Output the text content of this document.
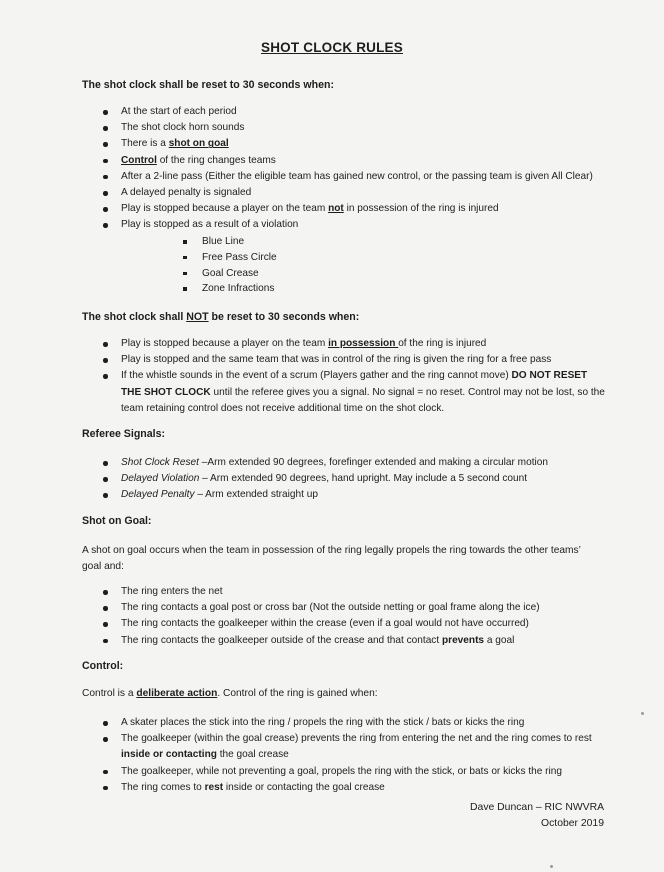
SHOT CLOCK RULES
The shot clock shall be reset to 30 seconds when:
At the start of each period
The shot clock horn sounds
There is a shot on goal
Control of the ring changes teams
After a 2-line pass (Either the eligible team has gained new control, or the passing team is given All Clear)
A delayed penalty is signaled
Play is stopped because a player on the team not in possession of the ring is injured
Play is stopped as a result of a violation
Blue Line
Free Pass Circle
Goal Crease
Zone Infractions
The shot clock shall NOT be reset to 30 seconds when:
Play is stopped because a player on the team in possession of the ring is injured
Play is stopped and the same team that was in control of the ring is given the ring for a free pass
If the whistle sounds in the event of a scrum (Players gather and the ring cannot move) DO NOT RESET THE SHOT CLOCK until the referee gives you a signal. No signal = no reset. Control may not be lost, so the team retaining control does not receive additional time on the shot clock.
Referee Signals:
Shot Clock Reset –Arm extended 90 degrees, forefinger extended and making a circular motion
Delayed Violation – Arm extended 90 degrees, hand upright. May include a 5 second count
Delayed Penalty – Arm extended straight up
Shot on Goal:
A shot on goal occurs when the team in possession of the ring legally propels the ring towards the other teams’ goal and:
The ring enters the net
The ring contacts a goal post or cross bar (Not the outside netting or goal frame along the ice)
The ring contacts the goalkeeper within the crease (even if a goal would not have occurred)
The ring contacts the goalkeeper outside of the crease and that contact prevents a goal
Control:
Control is a deliberate action. Control of the ring is gained when:
A skater places the stick into the ring / propels the ring with the stick / bats or kicks the ring
The goalkeeper (within the goal crease) prevents the ring from entering the net and the ring comes to rest inside or contacting the goal crease
The goalkeeper, while not preventing a goal, propels the ring with the stick, or bats or kicks the ring
The ring comes to rest inside or contacting the goal crease
Dave Duncan – RIC NWVRA
October 2019
